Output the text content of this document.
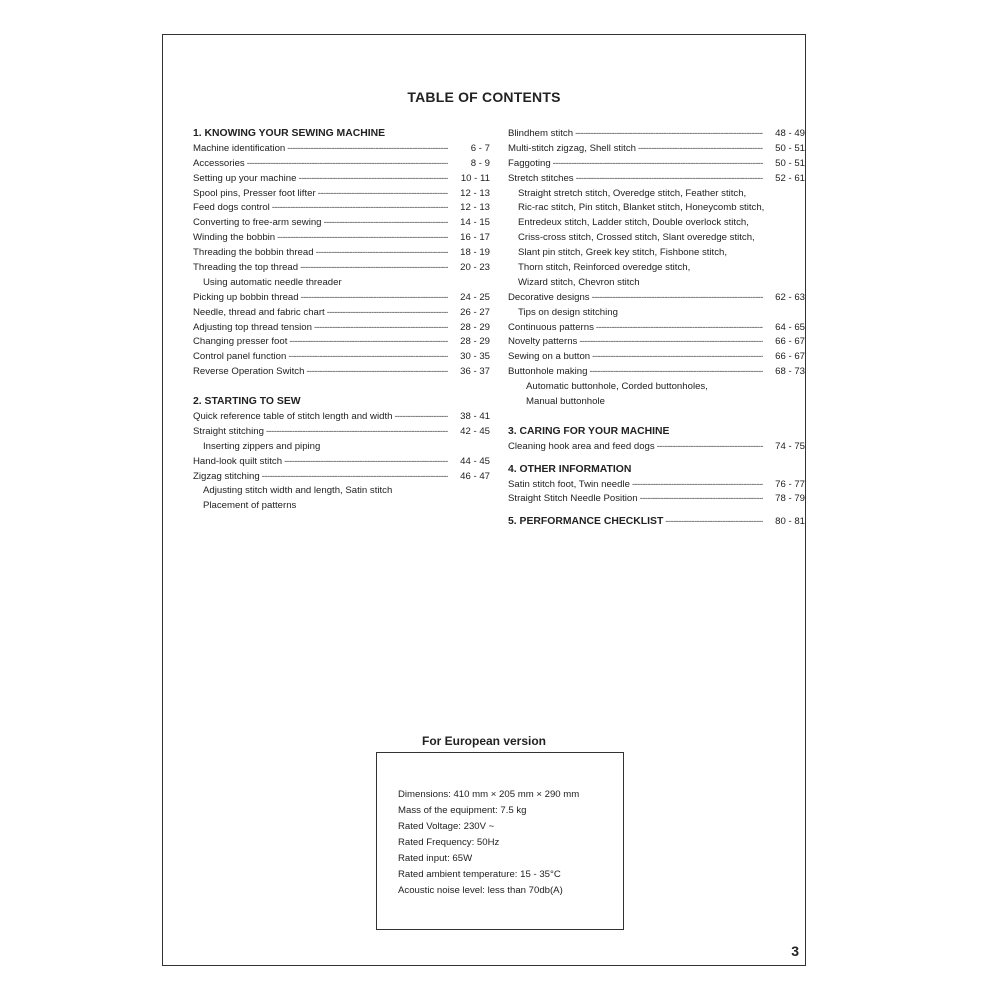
TABLE OF CONTENTS
1. KNOWING YOUR SEWING MACHINE
Machine identification -----	6 - 7
Accessories -----	8 - 9
Setting up your machine -----	10 - 11
Spool pins, Presser foot lifter -----	12 - 13
Feed dogs control -----	12 - 13
Converting to free-arm sewing -----	14 - 15
Winding the bobbin -----	16 - 17
Threading the bobbin thread -----	18 - 19
Threading the top thread -----	20 - 23
Using automatic needle threader
Picking up bobbin thread -----	24 - 25
Needle, thread and fabric chart -----	26 - 27
Adjusting top thread tension -----	28 - 29
Changing presser foot -----	28 - 29
Control panel function -----	30 - 35
Reverse Operation Switch -----	36 - 37
2. STARTING TO SEW
Quick reference table of stitch length and width -----	38 - 41
Straight stitching -----	42 - 45
Inserting zippers and piping
Hand-look quilt stitch -----	44 - 45
Zigzag stitching -----	46 - 47
Adjusting stitch width and length, Satin stitch
Placement of patterns
Blindhem stitch -----	48 - 49
Multi-stitch zigzag, Shell stitch -----	50 - 51
Faggoting -----	50 - 51
Stretch stitches -----	52 - 61
Straight stretch stitch, Overedge stitch, Feather stitch,
Ric-rac stitch, Pin stitch, Blanket stitch, Honeycomb stitch,
Entredeux stitch, Ladder stitch, Double overlock stitch,
Criss-cross stitch, Crossed stitch, Slant overedge stitch,
Slant pin stitch, Greek key stitch, Fishbone stitch,
Thorn stitch, Reinforced overedge stitch,
Wizard stitch, Chevron stitch
Decorative designs -----	62 - 63
Tips on design stitching
Continuous patterns -----	64 - 65
Novelty patterns -----	66 - 67
Sewing on a button -----	66 - 67
Buttonhole making -----	68 - 73
Automatic buttonhole, Corded buttonholes,
Manual buttonhole
3. CARING FOR YOUR MACHINE
Cleaning hook area and feed dogs -----	74 - 75
4. OTHER INFORMATION
Satin stitch foot, Twin needle -----	76 - 77
Straight Stitch Needle Position -----	78 - 79
5. PERFORMANCE CHECKLIST -----	80 - 81
For European version
Dimensions: 410 mm × 205 mm × 290 mm
Mass of the equipment: 7.5 kg
Rated Voltage: 230V ~
Rated Frequency: 50Hz
Rated input: 65W
Rated ambient temperature: 15 - 35°C
Acoustic noise level: less than 70db(A)
3
